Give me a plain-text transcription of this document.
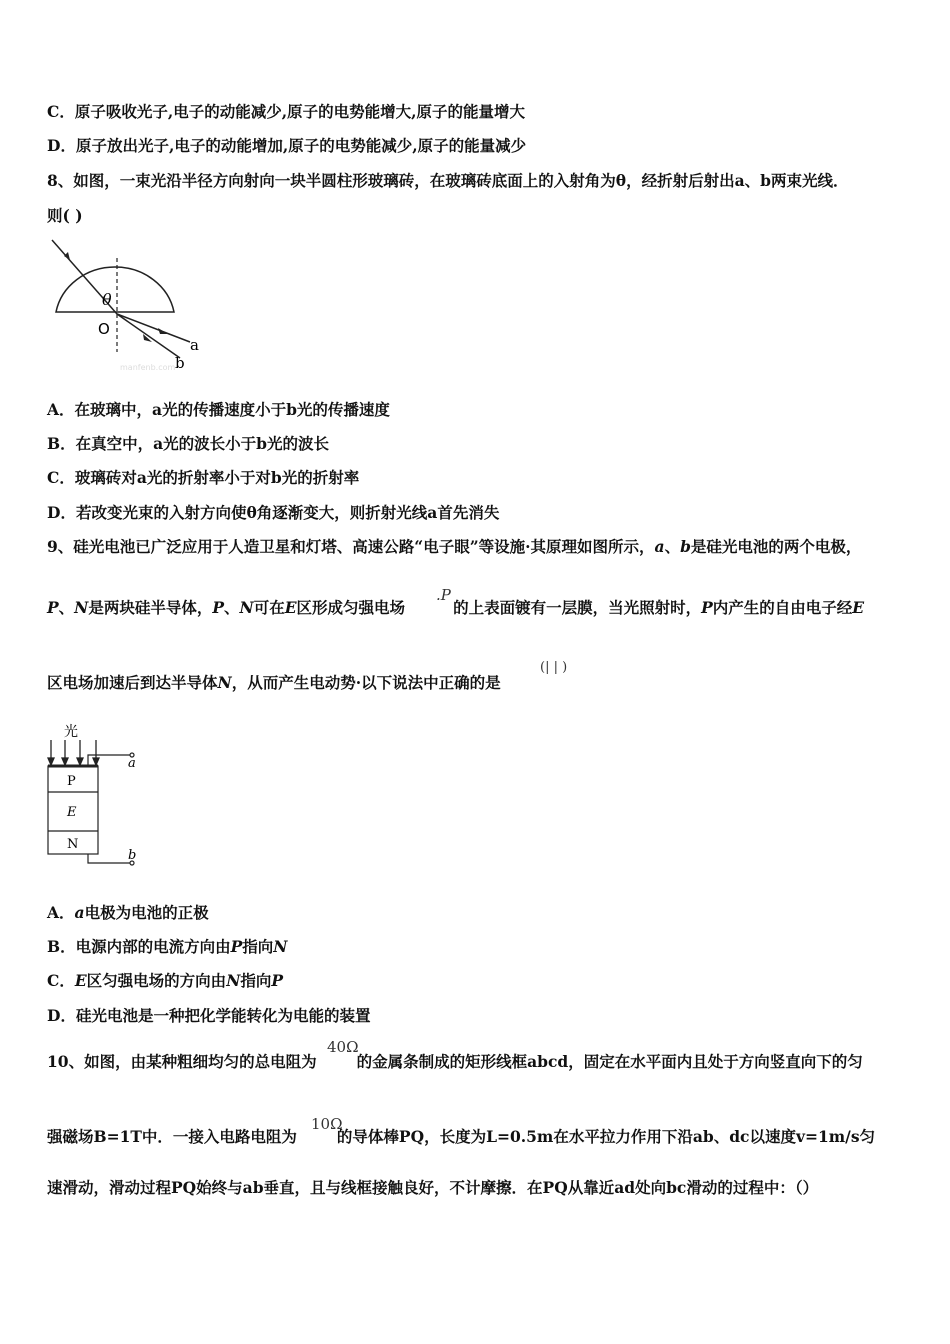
C．原子吸收光子,电子的动能减少,原子的电势能增大,原子的能量增大
D．原子放出光子,电子的动能增加,原子的电势能减少,原子的能量减少
8、如图，一束光沿半径方向射向一块半圆柱形玻璃砖，在玻璃砖底面上的入射角为θ，经折射后射出a、b两束光线．
则( )
θ
O
a
b
manfenb.com
A．在玻璃中，a光的传播速度小于b光的传播速度
B．在真空中，a光的波长小于b光的波长
C．玻璃砖对a光的折射率小于对b光的折射率
D．若改变光束的入射方向使θ角逐渐变大，则折射光线a首先消失
9、硅光电池已广泛应用于人造卫星和灯塔、高速公路“电子眼”等设施·其原理如图所示，a、b是硅光电池的两个电极，
P、N是两块硅半导体，P、N可在E区形成匀强电场	的上表面镀有一层膜，当光照射时，P内产生的自由电子经E
.P
区电场加速后到达半导体N，从而产生电动势·以下说法中正确的是
(| | )
光
P
E
N
a
b
A．a电极为电池的正极
B．电源内部的电流方向由P指向N
C．E区匀强电场的方向由N指向P
D．硅光电池是一种把化学能转化为电能的装置
10、如图，由某种粗细均匀的总电阻为	的金属条制成的矩形线框abcd，固定在水平面内且处于方向竖直向下的匀
40Ω
强磁场B=1T中．一接入电路电阻为	的导体棒PQ，长度为L=0.5m在水平拉力作用下沿ab、dc以速度v=1m/s匀
10Ω
速滑动，滑动过程PQ始终与ab垂直，且与线框接触良好，不计摩擦．在PQ从靠近ad处向bc滑动的过程中：（）
